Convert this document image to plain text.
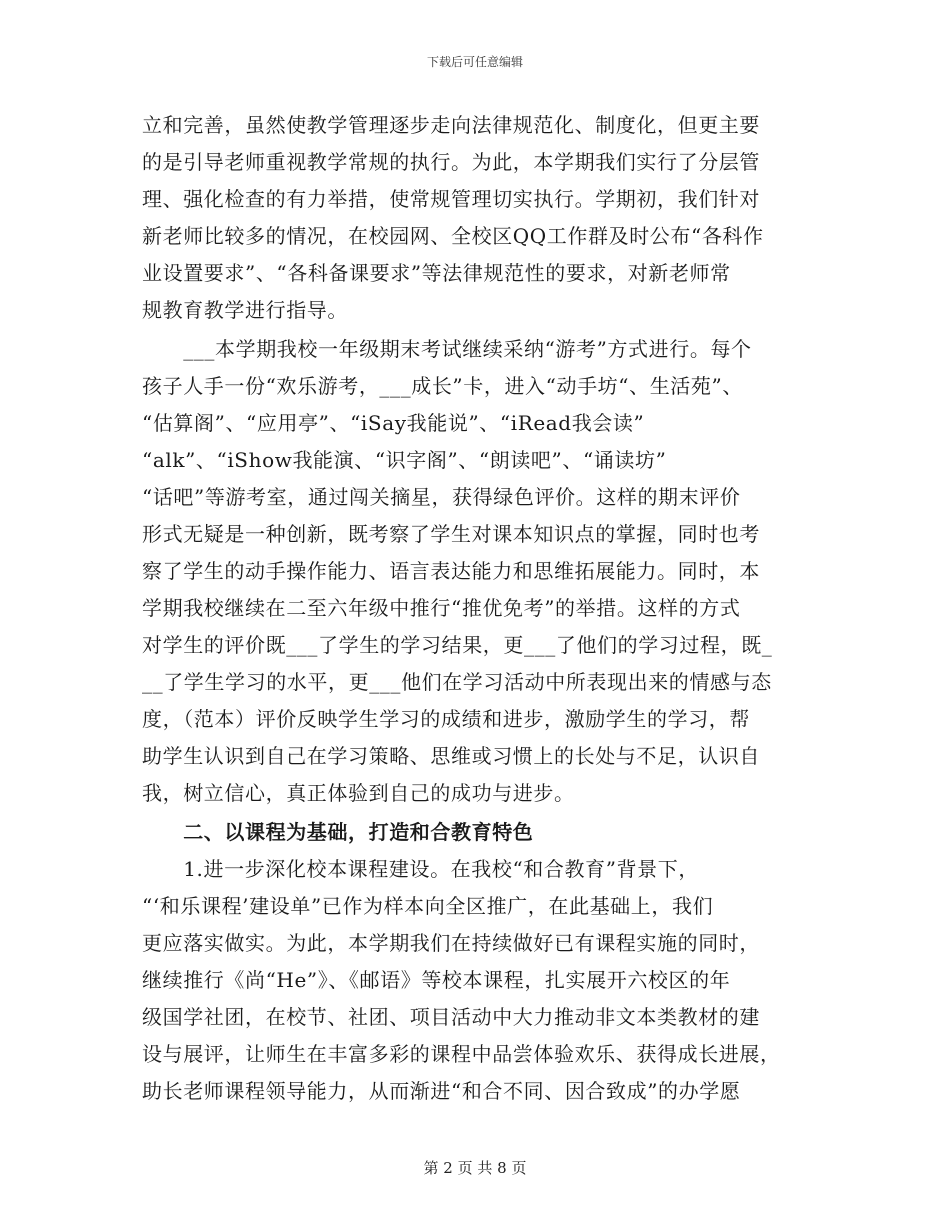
下载后可任意编辑
立和完善，虽然使教学管理逐步走向法律规范化、制度化，但更主要
的是引导老师重视教学常规的执行。为此，本学期我们实行了分层管
理、强化检查的有力举措，使常规管理切实执行。学期初，我们针对
新老师比较多的情况，在校园网、全校区QQ工作群及时公布“各科作
业设置要求”、“各科备课要求”等法律规范性的要求，对新老师常
规教育教学进行指导。
　　___本学期我校一年级期末考试继续采纳“游考”方式进行。每个
孩子人手一份“欢乐游考，___成长”卡，进入“动手坊“、生活苑”、
“估算阁”、“应用亭”、“iSay我能说”、“iRead我会读”
“alk”、“iShow我能演、“识字阁”、“朗读吧”、“诵读坊”
“话吧”等游考室，通过闯关摘星，获得绿色评价。这样的期末评价
形式无疑是一种创新，既考察了学生对课本知识点的掌握，同时也考
察了学生的动手操作能力、语言表达能力和思维拓展能力。同时，本
学期我校继续在二至六年级中推行“推优免考”的举措。这样的方式
对学生的评价既___了学生的学习结果，更___了他们的学习过程，既_
__了学生学习的水平，更___他们在学习活动中所表现出来的情感与态
度，（范本）评价反映学生学习的成绩和进步，激励学生的学习，帮
助学生认识到自己在学习策略、思维或习惯上的长处与不足，认识自
我，树立信心，真正体验到自己的成功与进步。
　　二、以课程为基础，打造和合教育特色
　　1.进一步深化校本课程建设。在我校“和合教育”背景下，
“‘和乐课程’建设单”已作为样本向全区推广，在此基础上，我们
更应落实做实。为此，本学期我们在持续做好已有课程实施的同时，
继续推行《尚“He”》、《邮语》等校本课程，扎实展开六校区的年
级国学社团，在校节、社团、项目活动中大力推动非文本类教材的建
设与展评，让师生在丰富多彩的课程中品尝体验欢乐、获得成长进展，
助长老师课程领导能力，从而渐进“和合不同、因合致成”的办学愿
第 2 页 共 8 页
